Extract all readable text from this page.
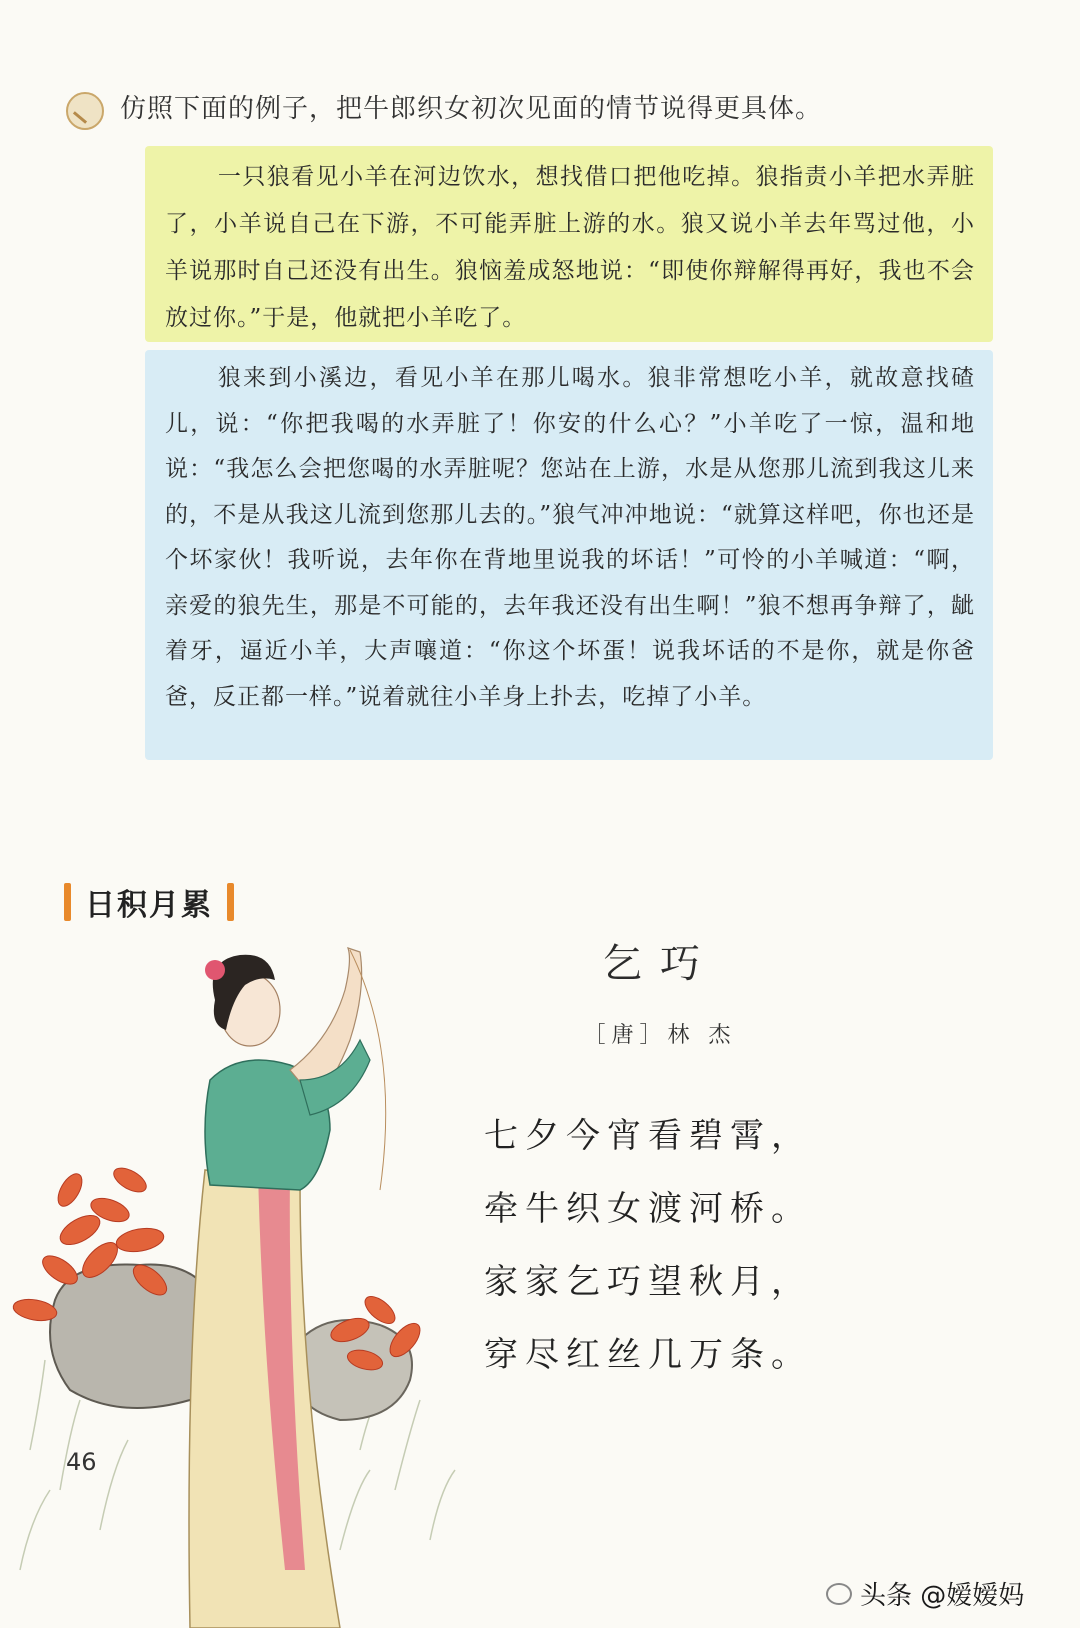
仿照下面的例子，把牛郎织女初次见面的情节说得更具体。

一只狼看见小羊在河边饮水，想找借口把他吃掉。狼指责小羊把水弄脏了，小羊说自己在下游，不可能弄脏上游的水。狼又说小羊去年骂过他，小羊说那时自己还没有出生。狼恼羞成怒地说：“即使你辩解得再好，我也不会放过你。”于是，他就把小羊吃了。

狼来到小溪边，看见小羊在那儿喝水。狼非常想吃小羊，就故意找碴儿，说：“你把我喝的水弄脏了！你安的什么心？”小羊吃了一惊，温和地说：“我怎么会把您喝的水弄脏呢？您站在上游，水是从您那儿流到我这儿来的，不是从我这儿流到您那儿去的。”狼气冲冲地说：“就算这样吧，你也还是个坏家伙！我听说，去年你在背地里说我的坏话！”可怜的小羊喊道：“啊，亲爱的狼先生，那是不可能的，去年我还没有出生啊！”狼不想再争辩了，龇着牙，逼近小羊，大声嚷道：“你这个坏蛋！说我坏话的不是你，就是你爸爸，反正都一样。”说着就往小羊身上扑去，吃掉了小羊。

日积月累
乞巧
［唐］林 杰
七夕今宵看碧霄，
牵牛织女渡河桥。
家家乞巧望秋月，
穿尽红丝几万条。
46
头条 @嫒嫒妈
